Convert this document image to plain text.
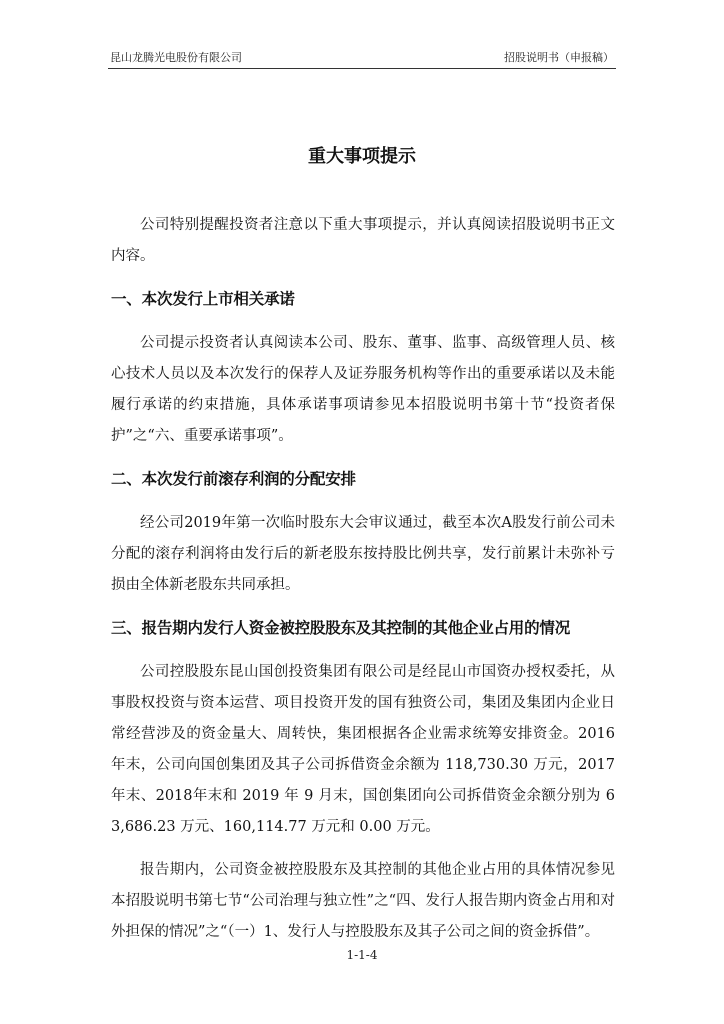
昆山龙腾光电股份有限公司	招股说明书（申报稿）
重大事项提示

公司特别提醒投资者注意以下重大事项提示，并认真阅读招股说明书正文内容。

一、本次发行上市相关承诺

公司提示投资者认真阅读本公司、股东、董事、监事、高级管理人员、核心技术人员以及本次发行的保荐人及证券服务机构等作出的重要承诺以及未能履行承诺的约束措施，具体承诺事项请参见本招股说明书第十节“投资者保护”之“六、重要承诺事项”。

二、本次发行前滚存利润的分配安排

经公司2019年第一次临时股东大会审议通过，截至本次A股发行前公司未分配的滚存利润将由发行后的新老股东按持股比例共享，发行前累计未弥补亏损由全体新老股东共同承担。

三、报告期内发行人资金被控股股东及其控制的其他企业占用的情况

公司控股股东昆山国创投资集团有限公司是经昆山市国资办授权委托，从事股权投资与资本运营、项目投资开发的国有独资公司，集团及集团内企业日常经营涉及的资金量大、周转快，集团根据各企业需求统筹安排资金。2016 年末，公司向国创集团及其子公司拆借资金余额为 118,730.30 万元，2017 年末、2018年末和 2019 年 9 月末，国创集团向公司拆借资金余额分别为 63,686.23 万元、160,114.77 万元和 0.00 万元。

报告期内，公司资金被控股股东及其控制的其他企业占用的具体情况参见本招股说明书第七节“公司治理与独立性”之“四、发行人报告期内资金占用和对外担保的情况”之“（一）1、发行人与控股股东及其子公司之间的资金拆借”。

1-1-4
